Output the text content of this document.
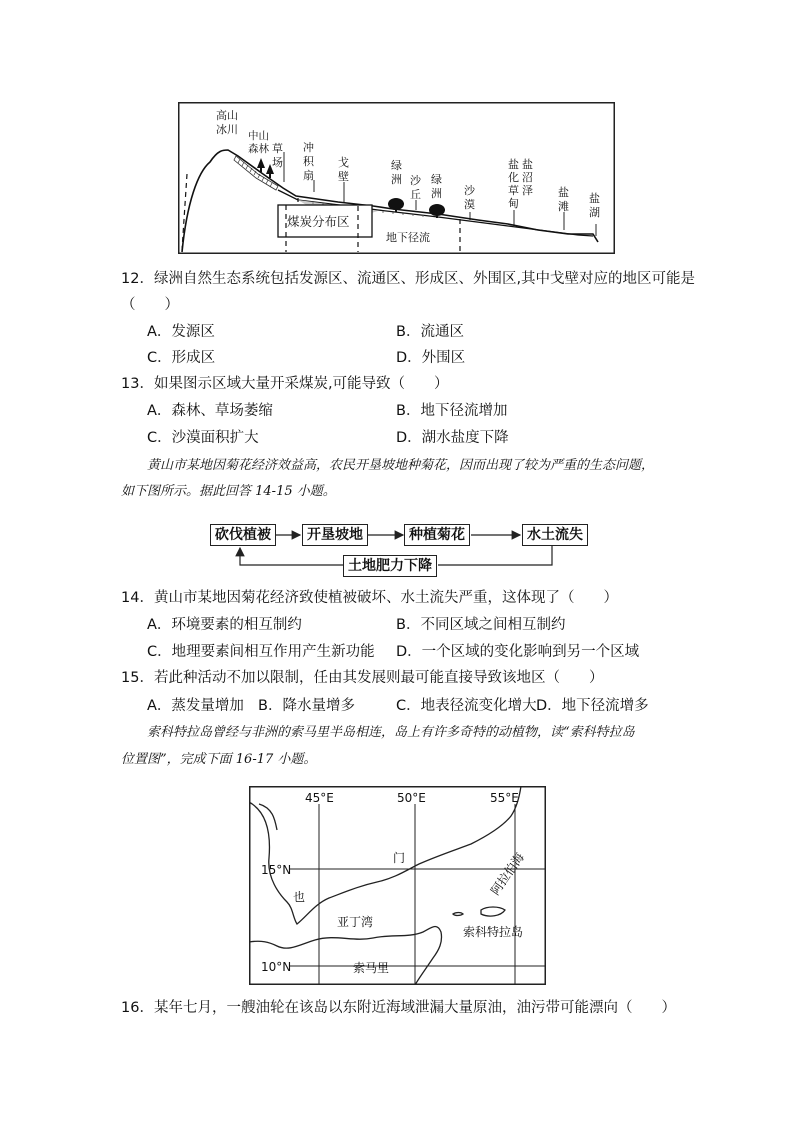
高山
冰川 中山
森林 草
场
冲
积
扇
戈
壁
绿
洲 沙
丘
绿
洲 沙
漠
盐
化
草
甸
盐
沼
泽 盐
滩
盐
湖
煤炭分布区
地下径流
12．绿洲自然生态系统包括发源区、流通区、形成区、外围区,其中戈壁对应的地区可能是
（　　）
A．发源区	B．流通区
C．形成区	D．外围区
13．如果图示区域大量开采煤炭,可能导致（　　）
A．森林、草场萎缩	B．地下径流增加
C．沙漠面积扩大	D．湖水盐度下降
黄山市某地因菊花经济效益高，农民开垦坡地种菊花，因而出现了较为严重的生态问题，
如下图所示。据此回答 14-15 小题。
砍伐植被	开垦坡地	种植菊花	水土流失
土地肥力下降
14．黄山市某地因菊花经济致使植被破坏、水土流失严重，这体现了（　　）
A．环境要素的相互制约	B．不同区域之间相互制约
C．地理要素间相互作用产生新功能 D．一个区域的变化影响到另一个区域
15．若此种活动不加以限制，任由其发展则最可能直接导致该地区（　　）
A．蒸发量增加 B．降水量增多	C．地表径流变化增大 D．地下径流增多
索科特拉岛曾经与非洲的索马里半岛相连，岛上有许多奇特的动植物，读“索科特拉岛
位置图”，完成下面 16-17 小题。
45°E	50°E	55°E
15°N
10°N
门
也
亚丁湾
索科特拉岛
索马里
阿拉伯海
16．某年七月，一艘油轮在该岛以东附近海域泄漏大量原油，油污带可能漂向（　　）
